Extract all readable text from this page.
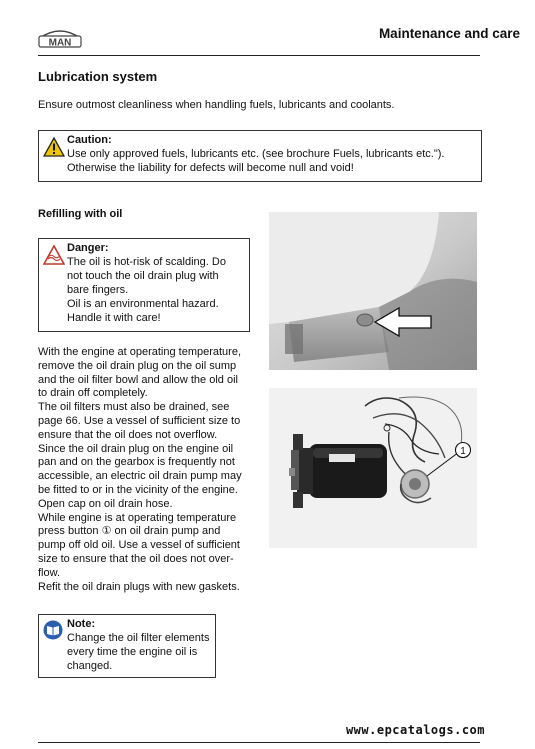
MAN
Maintenance and care
Lubrication system
Ensure outmost cleanliness when handling fuels, lubricants and coolants.
Caution:
Use only approved fuels, lubricants etc. (see brochure Fuels, lubricants etc.").
Otherwise the liability for defects will become null and void!
Refilling with oil
Danger:
The oil is hot-risk of scalding. Do
not touch the oil drain plug with
bare fingers.
Oil is an environmental hazard.
Handle it with care!

With the engine at operating temperature,

remove the oil drain plug on the oil sump

and the oil filter bowl and allow the old oil

to drain off completely.

The oil filters must also be drained, see

page 66. Use a vessel of sufficient size to

ensure that the oil does not overflow.

Since the oil drain plug on the engine oil

pan and on the gearbox is frequently not

accessible, an electric oil drain pump may

be fitted to or in the vicinity of the engine.

Open cap on oil drain hose.

While engine is at operating temperature

press button ① on oil drain pump and

pump off old oil. Use a vessel of sufficient

size to ensure that the oil does not over-

flow.

Refit the oil drain plugs with new gaskets.

Note:
Change the oil filter elements
every time the engine oil is
changed.
1
www.epcatalogs.com
